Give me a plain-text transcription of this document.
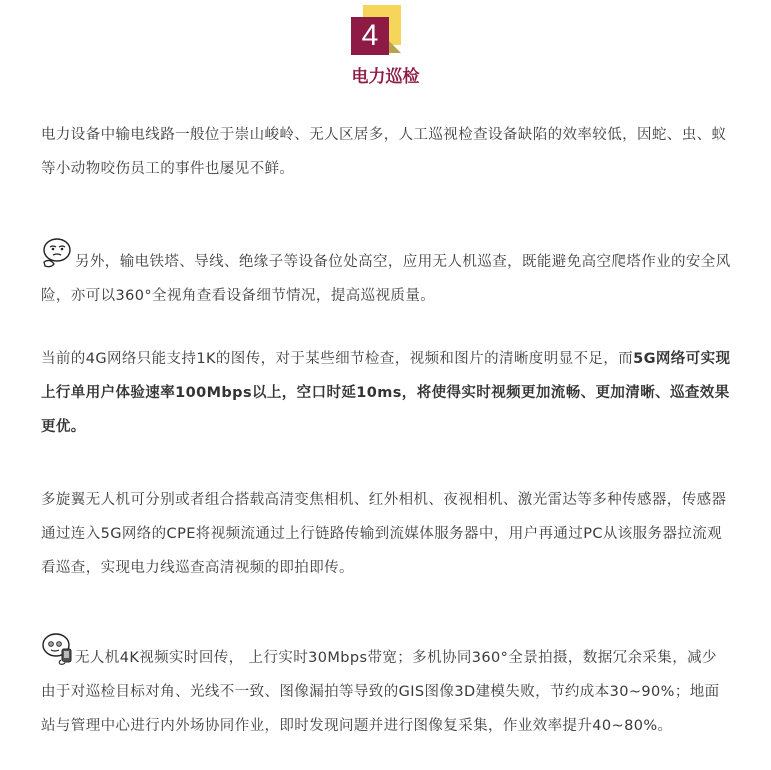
4
电力巡检

电力设备中输电线路一般位于崇山峻岭、无人区居多，人工巡视检查设备缺陷的效率较低，因蛇、虫、蚁等小动物咬伤员工的事件也屡见不鲜。

另外，输电铁塔、导线、绝缘子等设备位处高空，应用无人机巡查，既能避免高空爬塔作业的安全风险，亦可以360°全视角查看设备细节情况，提高巡视质量。

当前的4G网络只能支持1K的图传，对于某些细节检查，视频和图片的清晰度明显不足，而5G网络可实现上行单用户体验速率100Mbps以上，空口时延10ms，将使得实时视频更加流畅、更加清晰、巡查效果更优。

多旋翼无人机可分别或者组合搭载高清变焦相机、红外相机、夜视相机、激光雷达等多种传感器，传感器通过连入5G网络的CPE将视频流通过上行链路传输到流媒体服务器中，用户再通过PC从该服务器拉流观看巡查，实现电力线巡查高清视频的即拍即传。

无人机4K视频实时回传， 上行实时30Mbps带宽；多机协同360°全景拍摄，数据冗余采集，减少由于对巡检目标对角、光线不一致、图像漏拍等导致的GIS图像3D建模失败，节约成本30~90%；地面站与管理中心进行内外场协同作业，即时发现问题并进行图像复采集，作业效率提升40~80%。
